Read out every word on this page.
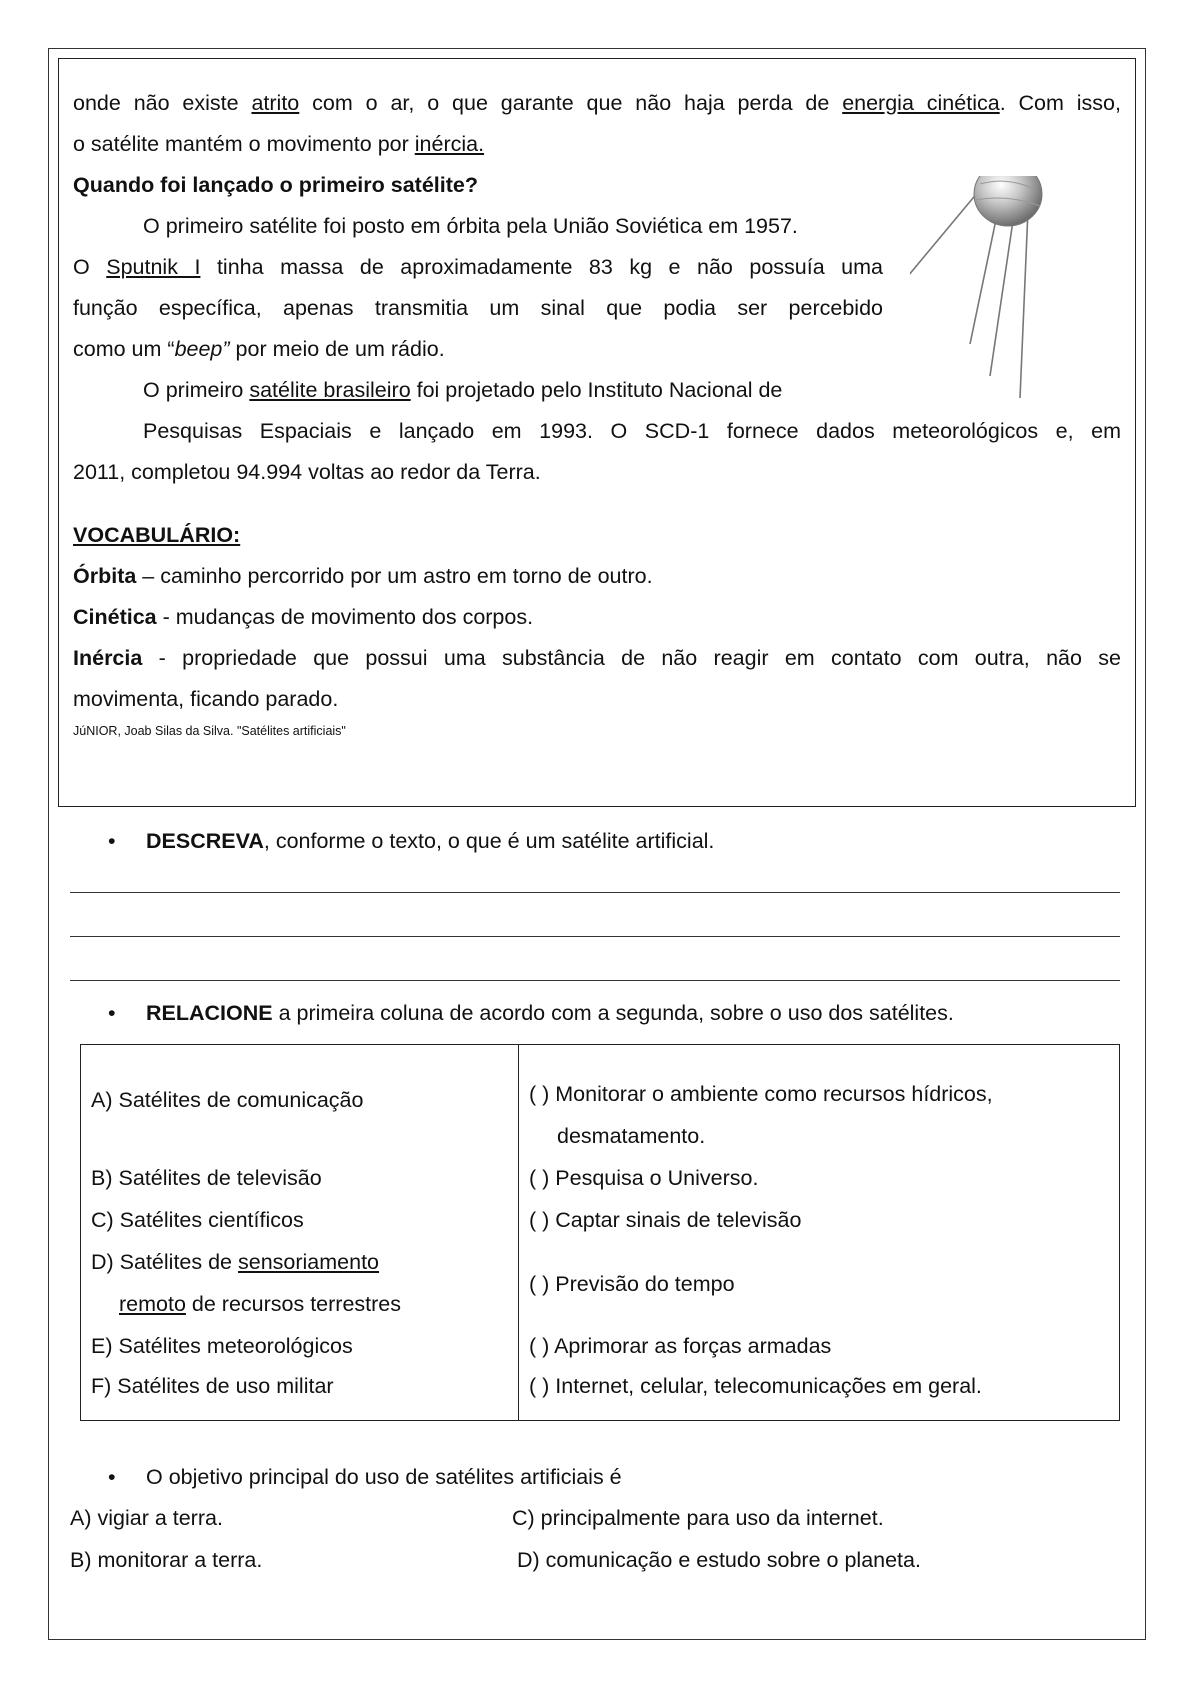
onde não existe atrito com o ar, o que garante que não haja perda de energia cinética. Com isso,
o satélite mantém o movimento por inércia.
Quando foi lançado o primeiro satélite?
O primeiro satélite foi posto em órbita pela União Soviética em 1957.
O Sputnik I tinha massa de aproximadamente 83 kg e não possuía uma
função específica, apenas transmitia um sinal que podia ser percebido
como um “beep” por meio de um rádio.
O primeiro satélite brasileiro foi projetado pelo Instituto Nacional de
Pesquisas Espaciais e lançado em 1993. O SCD-1 fornece dados meteorológicos e, em
2011, completou 94.994 voltas ao redor da Terra.
VOCABULÁRIO:
Órbita – caminho percorrido por um astro em torno de outro.
Cinética - mudanças de movimento dos corpos.
Inércia - propriedade que possui uma substância de não reagir em contato com outra, não se
movimenta, ficando parado.
JúNIOR, Joab Silas da Silva. "Satélites artificiais"
• DESCREVA, conforme o texto, o que é um satélite artificial.
• RELACIONE a primeira coluna de acordo com a segunda, sobre o uso dos satélites.
A) Satélites de comunicação
B) Satélites de televisão
C) Satélites científicos
D) Satélites de sensoriamento
remoto de recursos terrestres
E) Satélites meteorológicos
F) Satélites de uso militar
( ) Monitorar o ambiente como recursos hídricos,
desmatamento.
( ) Pesquisa o Universo.
( ) Captar sinais de televisão
( ) Previsão do tempo
( ) Aprimorar as forças armadas
( ) Internet, celular, telecomunicações em geral.
• O objetivo principal do uso de satélites artificiais é
A) vigiar a terra.
B) monitorar a terra.
C) principalmente para uso da internet.
D) comunicação e estudo sobre o planeta.
